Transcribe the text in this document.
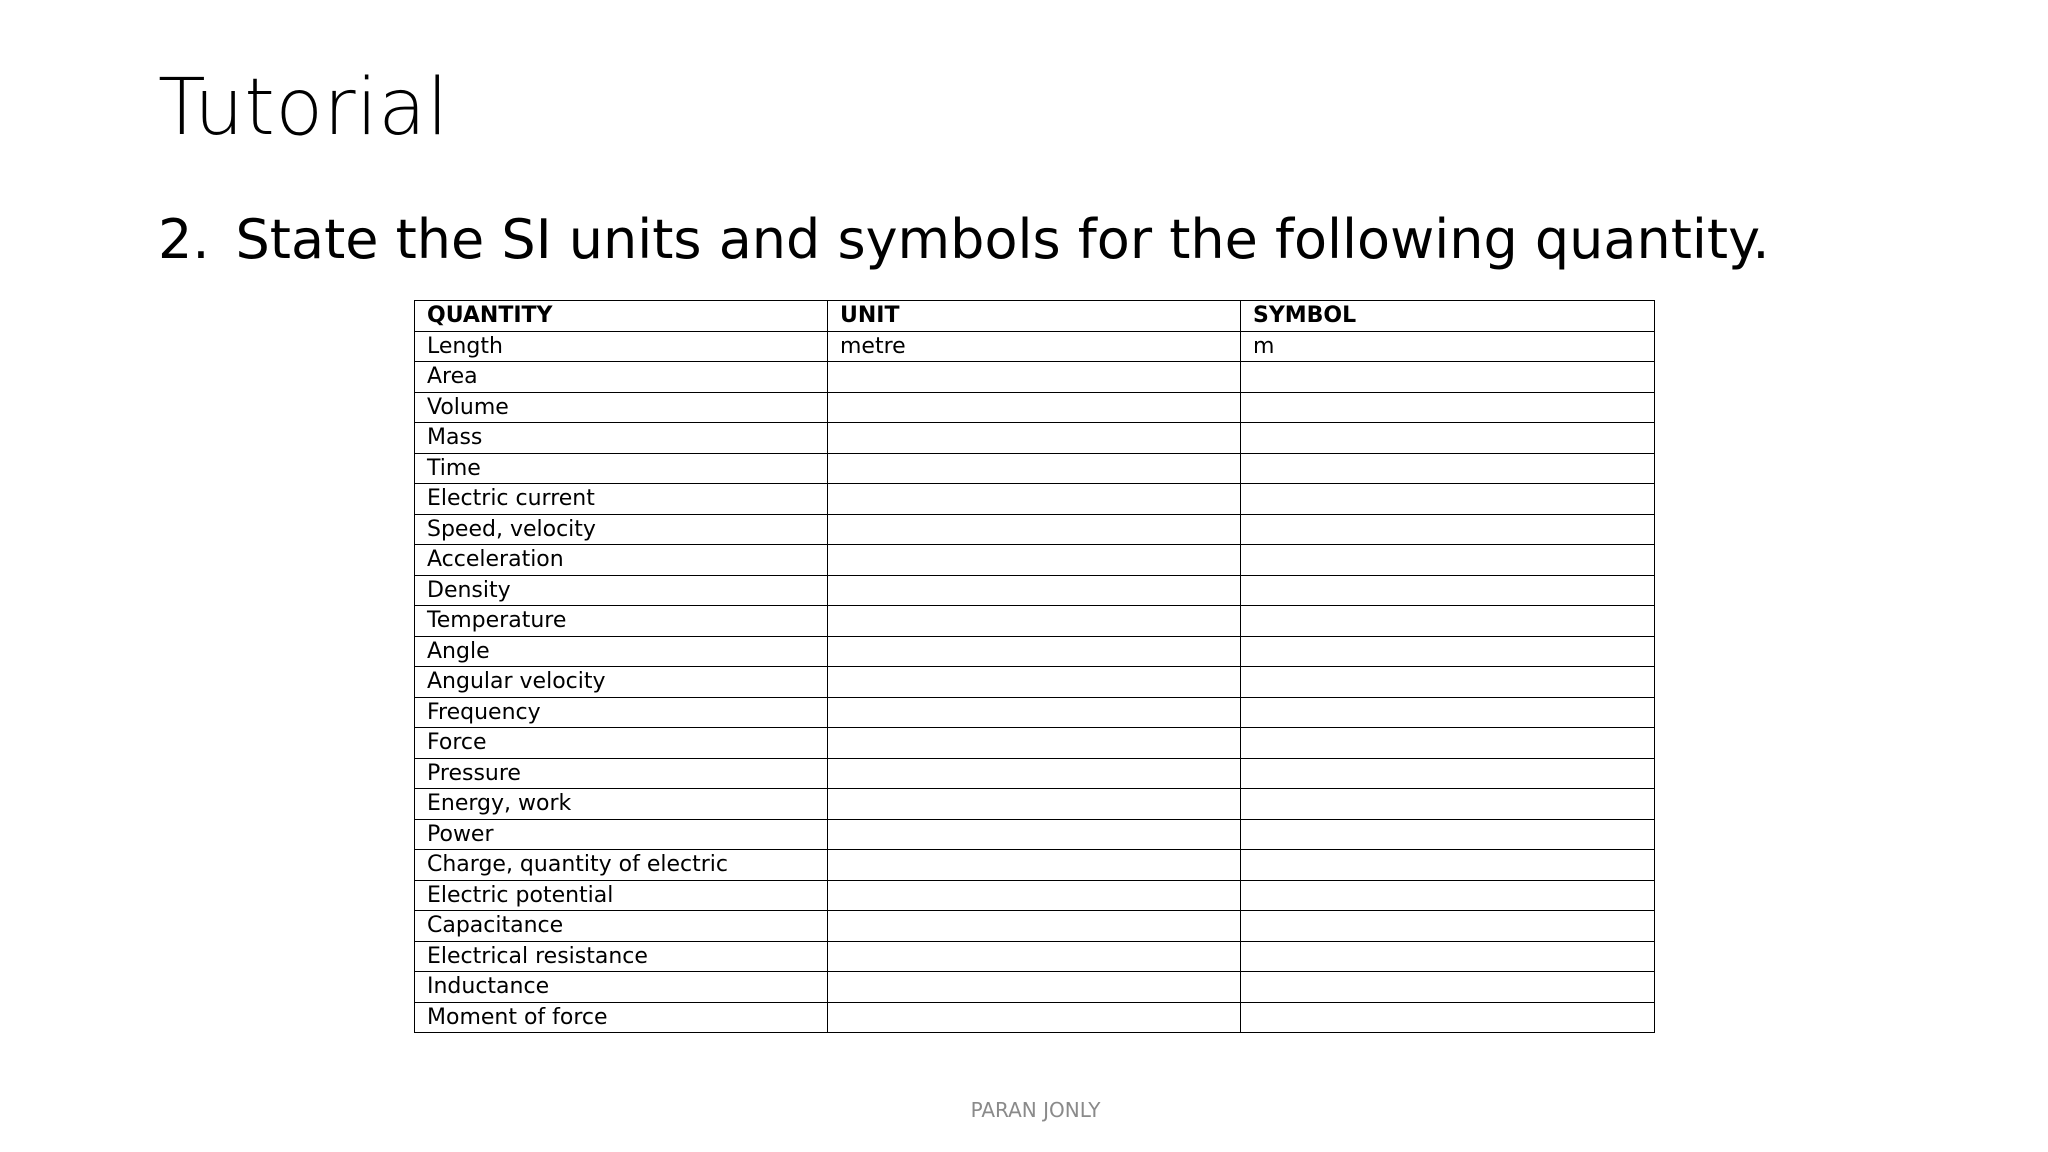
Tutorial
2. State the SI units and symbols for the following quantity.
QUANTITY	UNIT	SYMBOL
Length	metre	m
Area		
Volume		
Mass		
Time		
Electric current		
Speed, velocity		
Acceleration		
Density		
Temperature		
Angle		
Angular velocity		
Frequency		
Force		
Pressure		
Energy, work		
Power		
Charge, quantity of electric		
Electric potential		
Capacitance		
Electrical resistance		
Inductance		
Moment of force		
PARAN JONLY
